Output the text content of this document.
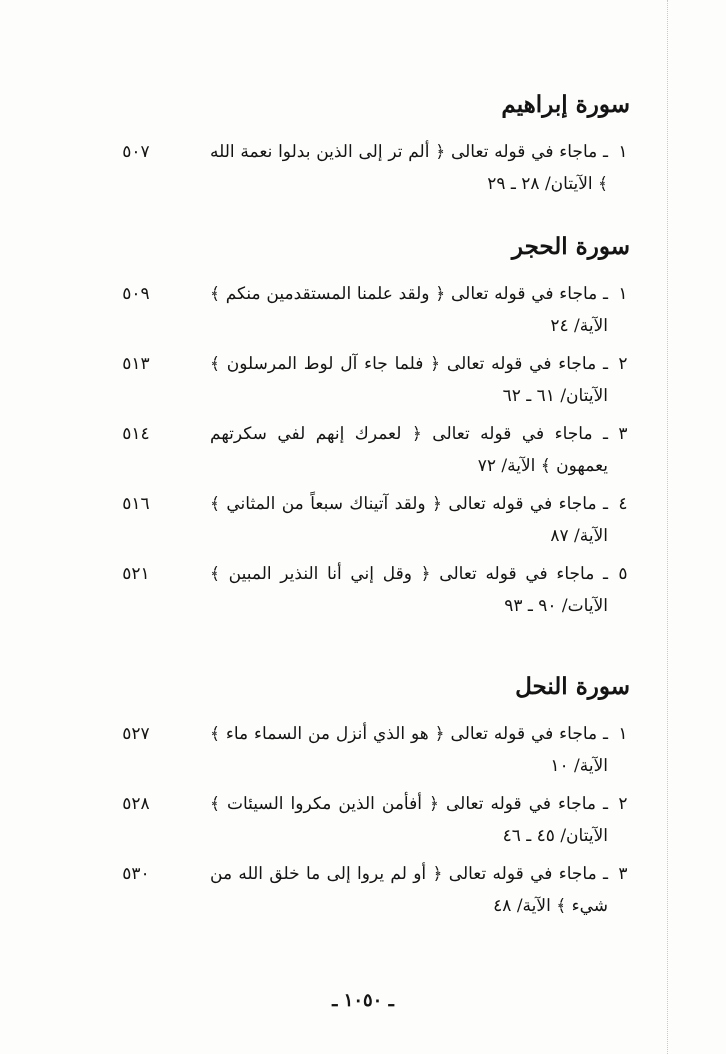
سورة إبراهيم
١
ـ ماجاء في قوله تعالى ﴿ ألم تر إلى الذين بدلوا نعمة الله ﴾ الآيتان/ ٢٨ ـ ٢٩
٥٠٧
سورة الحجر
١
ـ ماجاء في قوله تعالى ﴿ ولقد علمنا المستقدمين منكم ﴾ الآية/ ٢٤
٥٠٩
٢
ـ ماجاء في قوله تعالى ﴿ فلما جاء آل لوط المرسلون ﴾ الآيتان/ ٦١ ـ ٦٢
٥١٣
٣
ـ ماجاء في قوله تعالى ﴿ لعمرك إنهم لفي سكرتهم يعمهون ﴾ الآية/ ٧٢
٥١٤
٤
ـ ماجاء في قوله تعالى ﴿ ولقد آتيناك سبعاً من المثاني ﴾ الآية/ ٨٧
٥١٦
٥
ـ ماجاء في قوله تعالى ﴿ وقل إني أنا النذير المبين ﴾ الآيات/ ٩٠ ـ ٩٣
٥٢١
سورة النحل
١
ـ ماجاء في قوله تعالى ﴿ هو الذي أنزل من السماء ماء ﴾ الآية/ ١٠
٥٢٧
٢
ـ ماجاء في قوله تعالى ﴿ أفأمن الذين مكروا السيئات ﴾ الآيتان/ ٤٥ ـ ٤٦
٥٢٨
٣
ـ ماجاء في قوله تعالى ﴿ أو لم يروا إلى ما خلق الله من شيء ﴾ الآية/ ٤٨
٥٣٠
ـ ١٠٥٠ ـ
